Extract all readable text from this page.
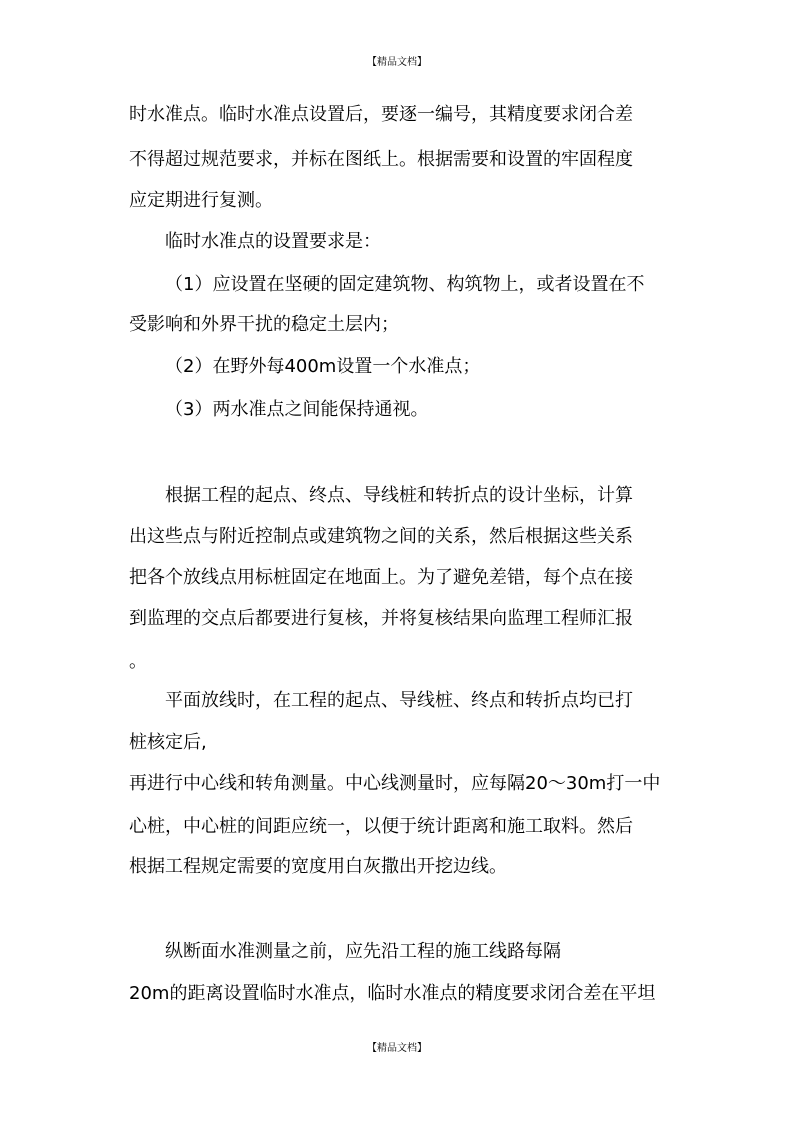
【精品文档】
时水准点。临时水准点设置后，要逐一编号，其精度要求闭合差
不得超过规范要求，并标在图纸上。根据需要和设置的牢固程度
应定期进行复测。
临时水准点的设置要求是：
（1）应设置在坚硬的固定建筑物、构筑物上，或者设置在不
受影响和外界干扰的稳定土层内；
（2）在野外每400m设置一个水准点；
（3）两水准点之间能保持通视。
根据工程的起点、终点、导线桩和转折点的设计坐标，计算
出这些点与附近控制点或建筑物之间的关系，然后根据这些关系
把各个放线点用标桩固定在地面上。为了避免差错，每个点在接
到监理的交点后都要进行复核，并将复核结果向监理工程师汇报
。
平面放线时，在工程的起点、导线桩、终点和转折点均已打
桩核定后,
再进行中心线和转角测量。中心线测量时，应每隔20～30m打一中
心桩，中心桩的间距应统一，以便于统计距离和施工取料。然后
根据工程规定需要的宽度用白灰撒出开挖边线。
纵断面水准测量之前，应先沿工程的施工线路每隔
20m的距离设置临时水准点，临时水准点的精度要求闭合差在平坦
【精品文档】
